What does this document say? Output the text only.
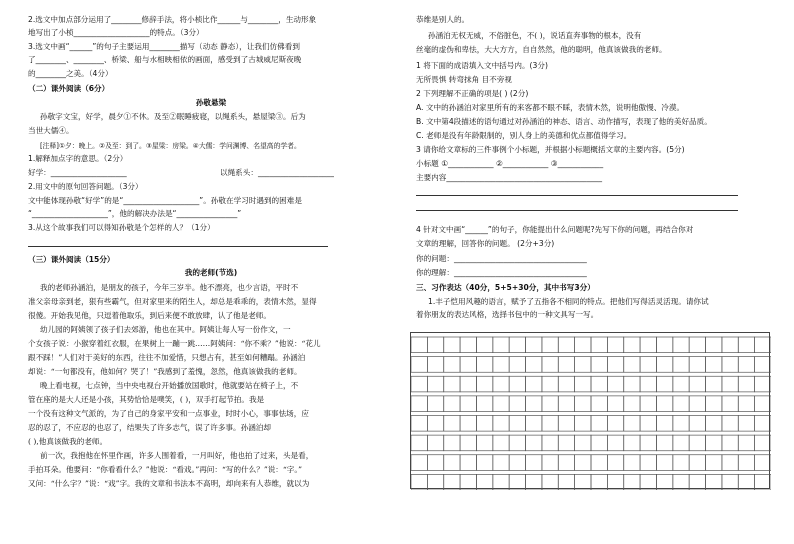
2.选文中加点部分运用了________修辞手法，将小桢比作______与________，生动形象
地写出了小桢____________________的特点。（3分）
3.选文中画“______”的句子主要运用________描写（动态 静态），让我们仿佛看到
了________、________、桥梁、船与水相映相依的画面，感受到了古城威尼斯夜晚
的________之美。（4分）
（二）课外阅读（6分）
孙敬悬梁
孙敬字文宝，好学，晨夕①不休。及至②眠睡疲寝，以绳系头，悬屋梁③。后为
当世大儒④。
[注释]①夕：晚上。②及至：到了。③屋梁：房梁。④大儒：学问渊博、名望高的学者。
1.解释加点字的意思。（2分）
好学：____________________	以绳系头：____________________
2.用文中的原句回答问题。（3分）
文中能体现孙敬“好学”的是“____________________”。孙敬在学习时遇到的困难是
“____________________”，他的解决办法是“________________”
3.从这个故事我们可以得知孙敬是个怎样的人？（1分）
（三）课外阅读（15分）
我的老师(节选)
我的老师孙涵泊，是朋友的孩子，今年三岁半。他不漂亮，也少言语，平时不
准父亲母亲到老，狠有些霸气，但对家里来的陌生人，却总是乖乖的，表情木然，显得
很傻。开始我见他，只逗着他取乐，到后来便不敢放肆，认了他是老师。
幼儿园的阿姨领了孩子们去郊游，他也在其中。阿姨让每人写一份作文，一
个女孩子说：小猴穿着红衣服，在果树上一蹦一跳……阿姨问：“你不乘？”他说：“花儿
跟不踩！”人们对于美好的东西，往往不加爱惜，只想占有，甚至如何糟蹋。孙涵泊
却说：“一句都没有，他如何？哭了！”我感到了羞愧，忽然，他真该做我的老师。
晚上看电视，七点钟，当中央电视台开始播放国歌时，他就要站在椅子上，不
管在座的是大人还是小孩，其势恰恰是噗笑，( )，双手打起节拍。我是
一个没有这种文气派的，为了自己的身家平安和一点事业，时时小心，事事怯场，应
忍的忍了，不应忍的也忍了，结果失了许多志气，误了许多事。孙涵泊却
( ),他真该做我的老师。
前一次，我抱他在怀里作画，许多人围着看，一月叫好，他也拍了过来，头是看，
手拍耳朵。他要问：“你看看什么？”他说：“看戏。”再问：“写的什么？”说：“字。”
又问：“什么字？”说：“戏”字。我的文章和书法本不高明，却向来有人恭维，就以为
恭维是别人的。
孙涵泊无权无威，不俗脏色，不( )，说话直奔事物的根本，没有
丝毫的虚伪和卑怯，大大方方，自自然然，他的聪明，他真该做我的老师。
1 将下面的成语填入文中括号内。(3分)
无所畏惧 转弯抹角 目不旁视
2 下列理解不正确的项是( ) (2分)
A. 文中的孙涵泊对家里所有的来客都不眼不睬，表情木然，说明他傲慢、冷漠。
B. 文中第4段描述的语句通过对孙涵泊的神态、语言、动作描写，表现了他的美好品质。
C. 老师是没有年龄限制的，别人身上的美德和优点都值得学习。
3 请你给文章标的三件事例个小标题，并根据小标题概括文章的主要内容。(5分)
小标题 ①____________ ②____________ ③____________
主要内容_________________________________________
4 针对文中画“______”的句子，你能提出什么问题呢?先写下你的问题，再结合你对
文章的理解，回答你的问题。 (2分+3分)
你的问题：___________________________________
你的理解：___________________________________
三、习作表达（40分，5+5+30分，其中书写3分）
1.丰子恺用风趣的语言，赋予了五指各不相同的特点。把他们写得活灵活现。请你试
着你朋友的表达风格，选择书包中的一种文具写一写。
